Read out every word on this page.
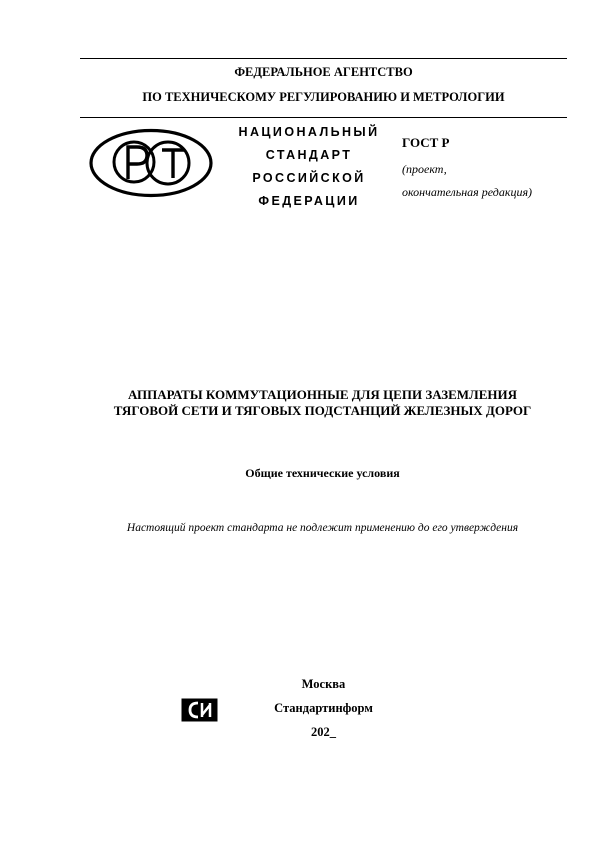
ФЕДЕРАЛЬНОЕ АГЕНТСТВО
ПО ТЕХНИЧЕСКОМУ РЕГУЛИРОВАНИЮ И МЕТРОЛОГИИ
НАЦИОНАЛЬНЫЙ
СТАНДАРТ
РОССИЙСКОЙ
ФЕДЕРАЦИИ
ГОСТ Р
(проект,
окончательная редакция)
АППАРАТЫ КОММУТАЦИОННЫЕ ДЛЯ ЦЕПИ ЗАЗЕМЛЕНИЯ
ТЯГОВОЙ СЕТИ И ТЯГОВЫХ ПОДСТАНЦИЙ ЖЕЛЕЗНЫХ ДОРОГ
Общие технические условия
Настоящий проект стандарта не подлежит применению до его утверждения
Москва
Стандартинформ
202_
